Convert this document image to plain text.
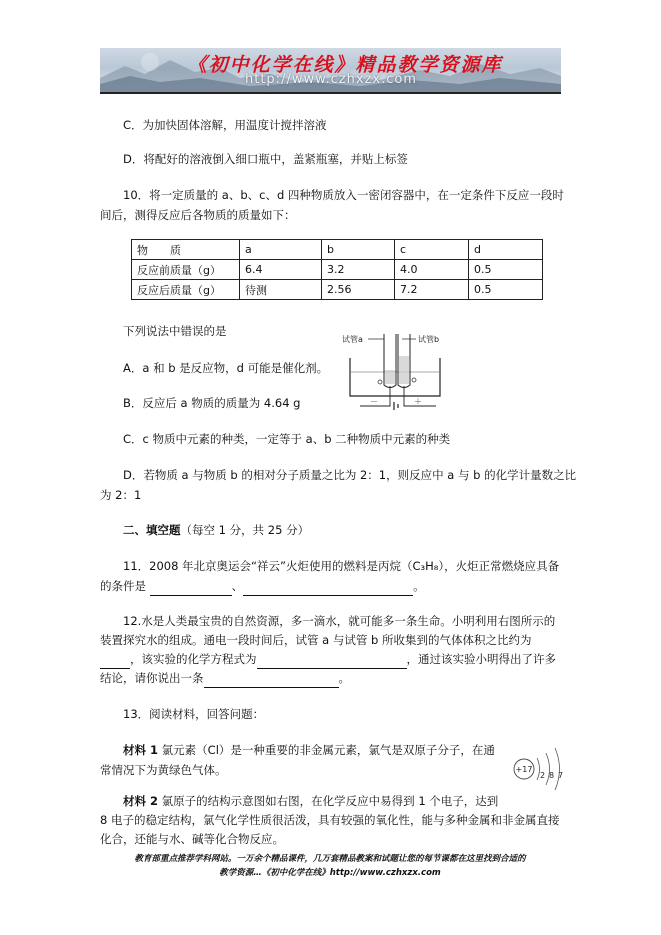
《初中化学在线》精品教学资源库
http://www.czhxzx.com
C．为加快固体溶解，用温度计搅拌溶液
D．将配好的溶液倒入细口瓶中，盖紧瓶塞，并贴上标签
10．将一定质量的 a、b、c、d 四种物质放入一密闭容器中，在一定条件下反应一段时
间后，测得反应后各物质的质量如下：
物　　质	a	b	c	d
反应前质量（g）	6.4	3.2	4.0	0.5
反应后质量（g）	待测	2.56	7.2	0.5
下列说法中错误的是
A．a 和 b 是反应物，d 可能是催化剂。
B．反应后 a 物质的质量为 4.64 g
C．c 物质中元素的种类，一定等于 a、b 二种物质中元素的种类
D．若物质 a 与物质 b 的相对分子质量之比为 2：1，则反应中 a 与 b 的化学计量数之比
为 2：1
试管a	试管b
－	＋
二、填空题（每空 1 分，共 25 分）
11．2008 年北京奥运会“祥云”火炬使用的燃料是丙烷（C₃H₈），火炬正常燃烧应具备
的条件是	、	。
12.水是人类最宝贵的自然资源，多一滴水，就可能多一条生命。小明利用右图所示的
装置探究水的组成。通电一段时间后，试管 a 与试管 b 所收集到的气体体积之比约为
，该实验的化学方程式为	，通过该实验小明得出了许多
结论，请你说出一条	。
13．阅读材料，回答问题：
材料 1 氯元素（Cl）是一种重要的非金属元素，氯气是双原子分子，在通
常情况下为黄绿色气体。	+17
2 8 7
材料 2 氯原子的结构示意图如右图，在化学反应中易得到 1 个电子，达到
8 电子的稳定结构，氯气化学性质很活泼，具有较强的氧化性，能与多种金属和非金属直接
化合，还能与水、碱等化合物反应。
教育部重点推荐学科网站。一万余个精品课件，几万套精品教案和试题让您的每节课都在这里找到合适的
教学资源…《初中化学在线》http://www.czhxzx.com
